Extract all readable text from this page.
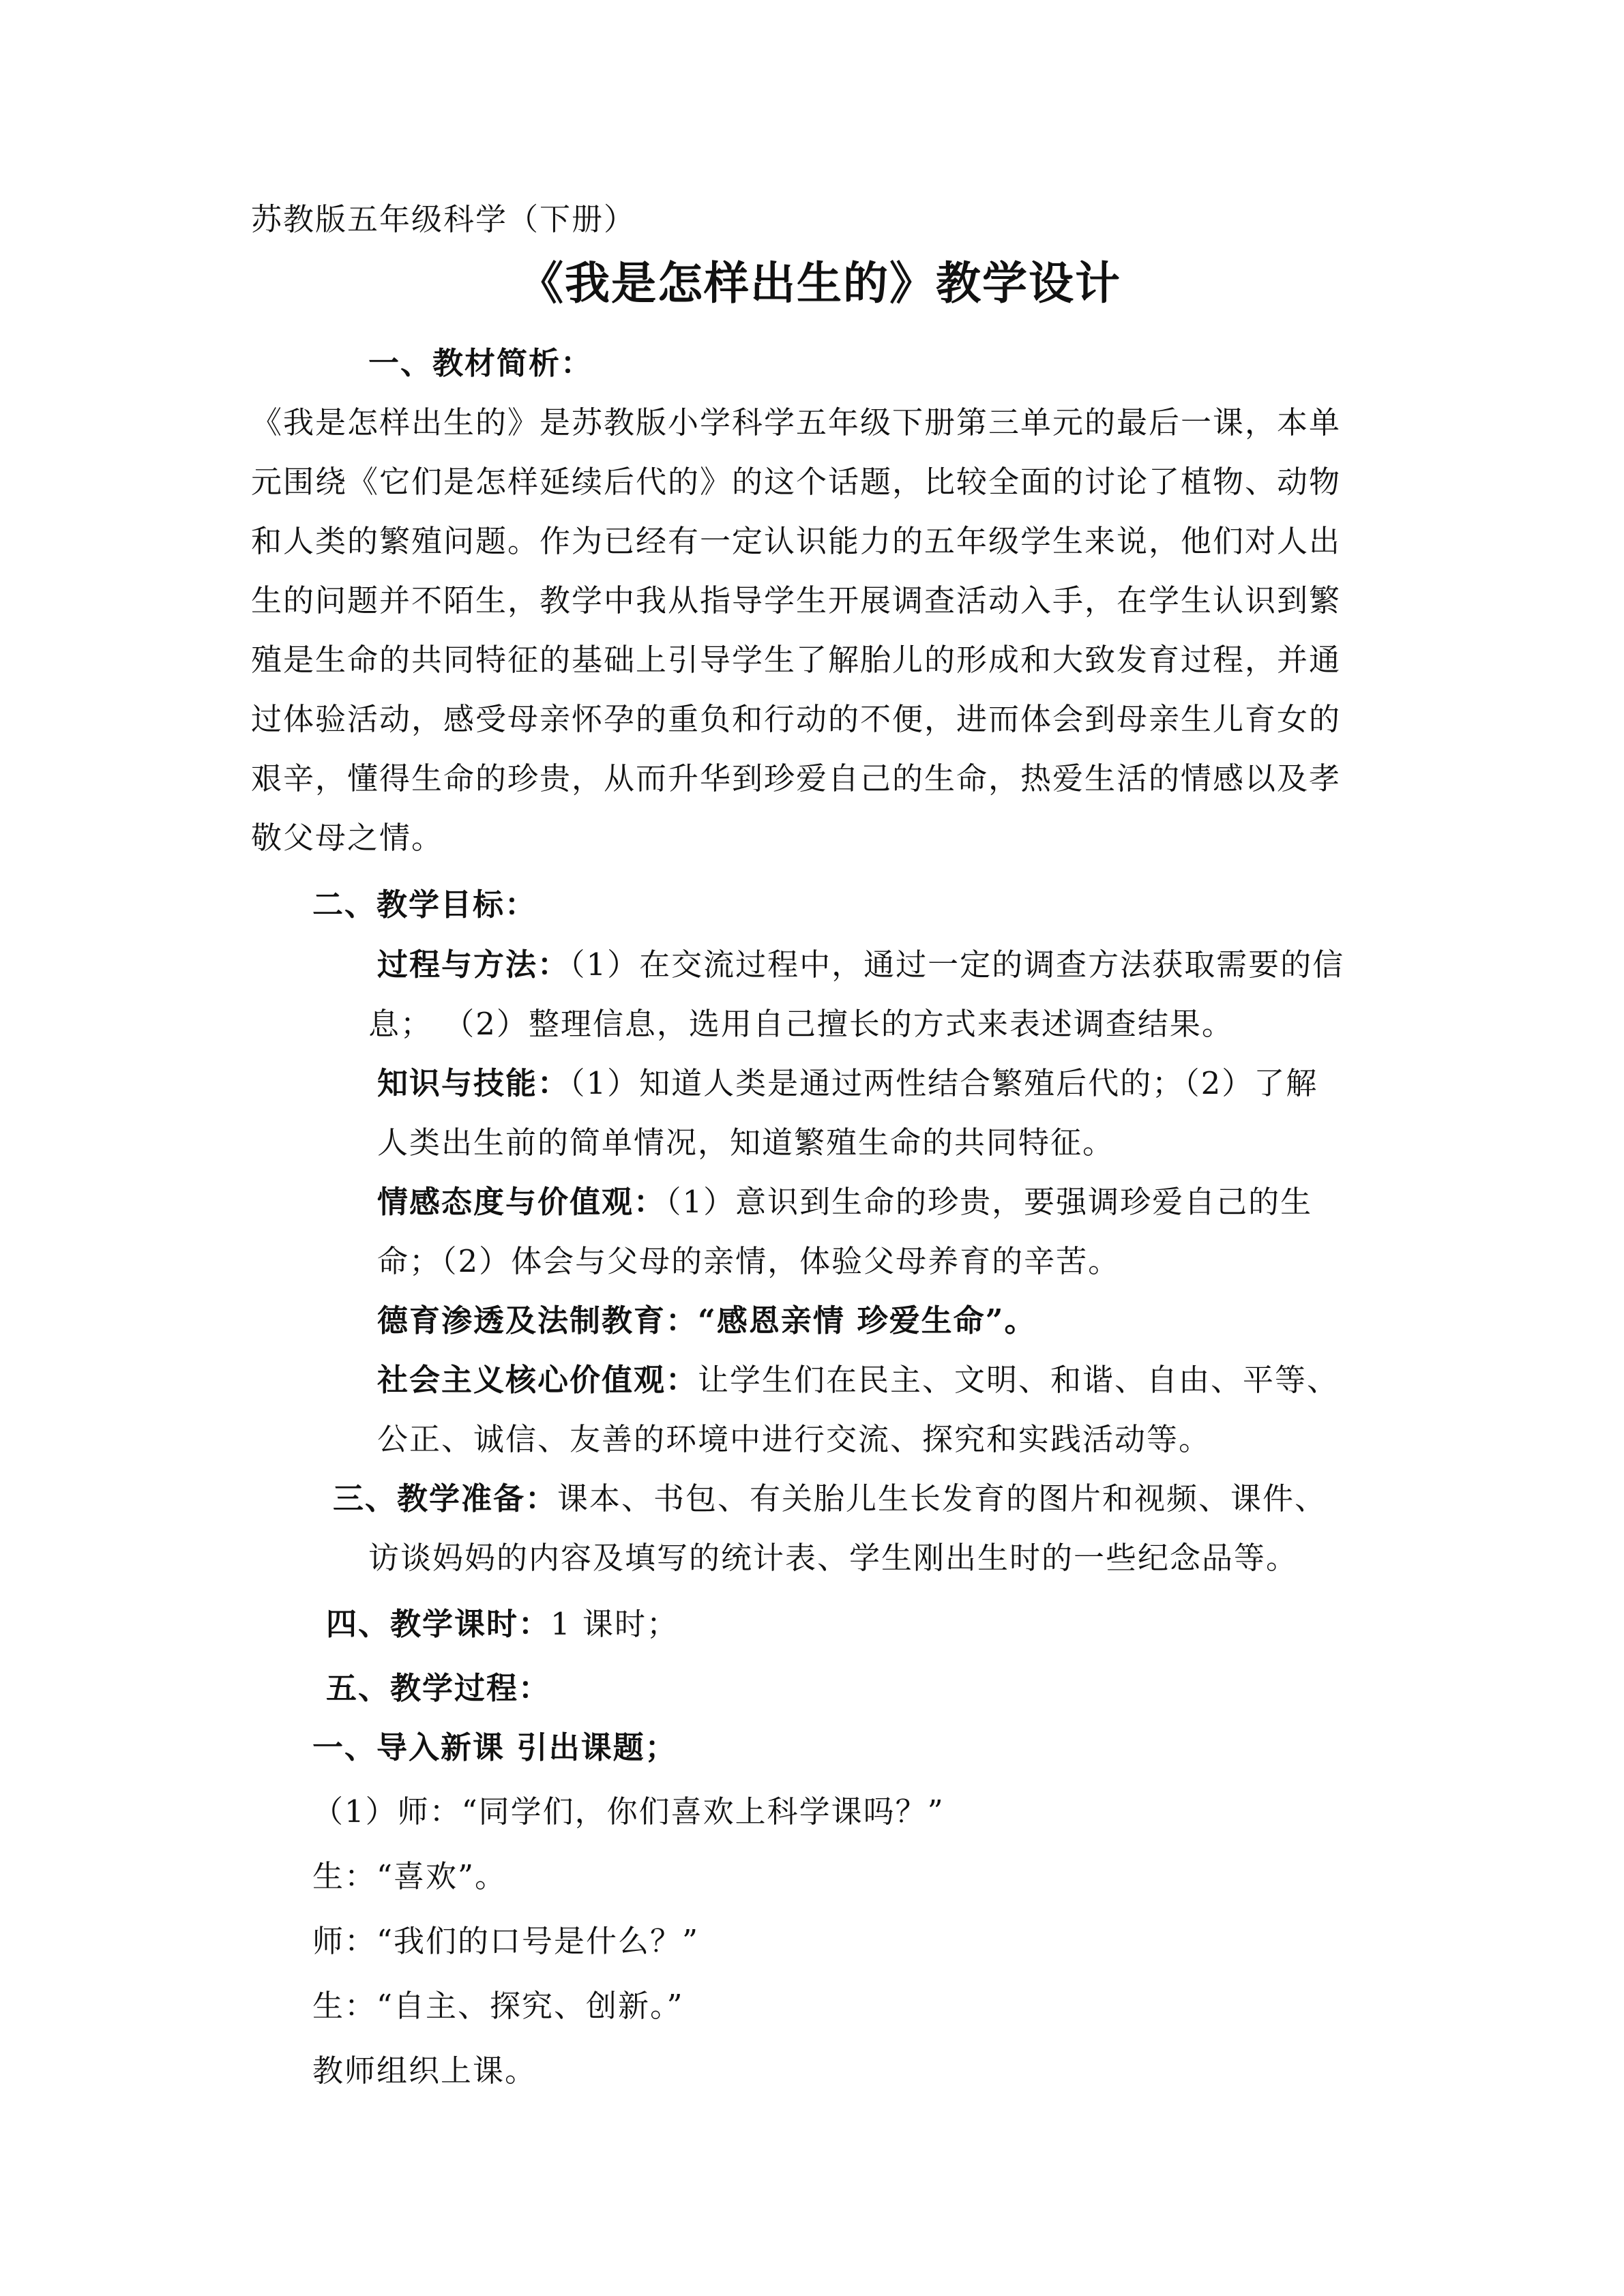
苏教版五年级科学（下册）
《我是怎样出生的》教学设计
一、教材简析：
《我是怎样出生的》是苏教版小学科学五年级下册第三单元的最后一课，本单
元围绕《它们是怎样延续后代的》的这个话题，比较全面的讨论了植物、动物
和人类的繁殖问题。作为已经有一定认识能力的五年级学生来说，他们对人出
生的问题并不陌生，教学中我从指导学生开展调查活动入手，在学生认识到繁
殖是生命的共同特征的基础上引导学生了解胎儿的形成和大致发育过程，并通
过体验活动，感受母亲怀孕的重负和行动的不便，进而体会到母亲生儿育女的
艰辛，懂得生命的珍贵，从而升华到珍爱自己的生命，热爱生活的情感以及孝
敬父母之情。
二、教学目标：
过程与方法：（1）在交流过程中，通过一定的调查方法获取需要的信
息； （2）整理信息，选用自己擅长的方式来表述调查结果。
知识与技能：（1）知道人类是通过两性结合繁殖后代的；（2）了解
人类出生前的简单情况，知道繁殖生命的共同特征。
情感态度与价值观：（1）意识到生命的珍贵，要强调珍爱自己的生
命；（2）体会与父母的亲情，体验父母养育的辛苦。
德育渗透及法制教育：“感恩亲情 珍爱生命”。
社会主义核心价值观：让学生们在民主、文明、和谐、自由、平等、
公正、诚信、友善的环境中进行交流、探究和实践活动等。
三、教学准备：课本、书包、有关胎儿生长发育的图片和视频、课件、
访谈妈妈的内容及填写的统计表、学生刚出生时的一些纪念品等。
四、教学课时：1 课时；
五、教学过程：
一、导入新课 引出课题；
（1）师：“同学们，你们喜欢上科学课吗？”
生：“喜欢”。
师：“我们的口号是什么？”
生：“自主、探究、创新。”
教师组织上课。
